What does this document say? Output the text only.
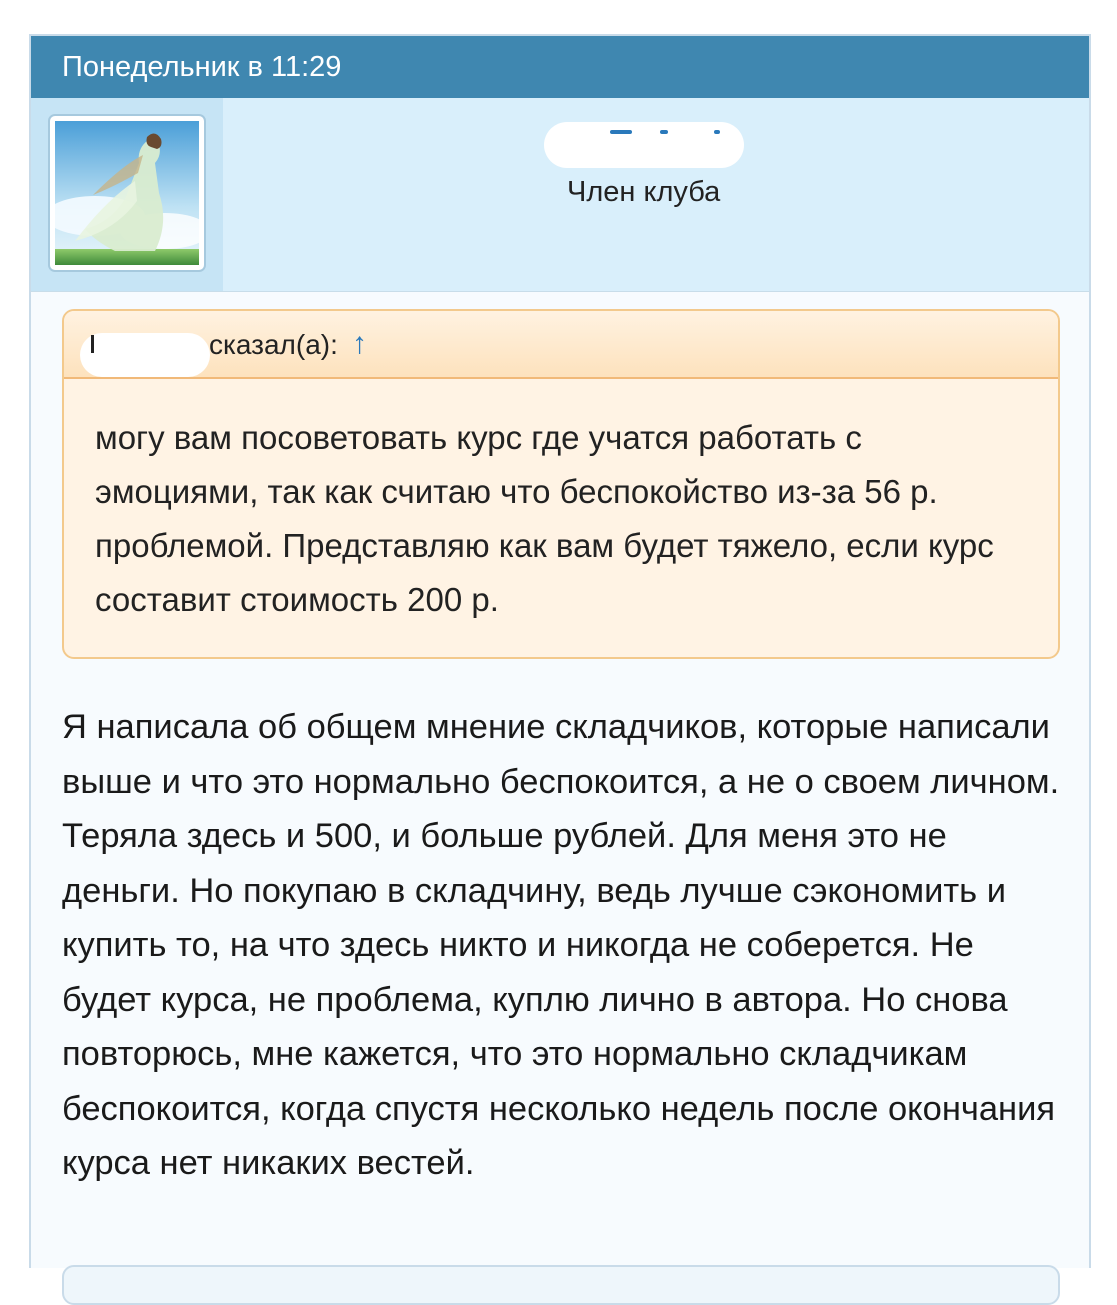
Понедельник в 11:29
Член клуба
сказал(а): ↑
могу вам посоветовать курс где учатся работать с эмоциями, так как считаю что беспокойство из-за 56 р. проблемой. Представляю как вам будет тяжело, если курс составит стоимость 200 р.
Я написала об общем мнение складчиков, которые написали выше и что это нормально беспокоится, а не о своем личном. Теряла здесь и 500, и больше рублей. Для меня это не деньги. Но покупаю в складчину, ведь лучше сэкономить и купить то, на что здесь никто и никогда не соберется. Не будет курса, не проблема, куплю лично в автора. Но снова повторюсь, мне кажется, что это нормально складчикам беспокоится, когда спустя несколько недель после окончания курса нет никаких вестей.
